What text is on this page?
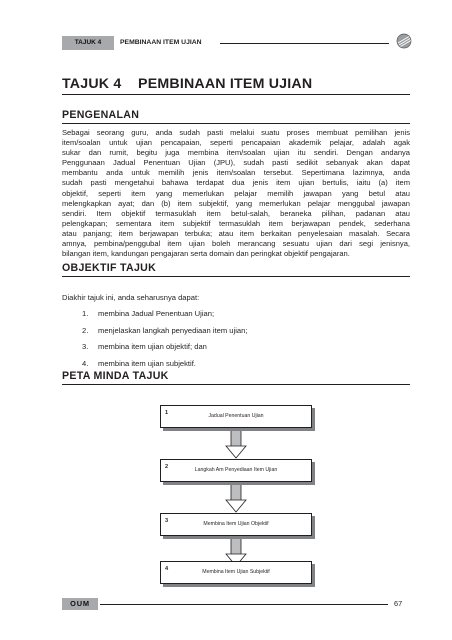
TAJUK 4	PEMBINAAN ITEM UJIAN
TAJUK 4    PEMBINAAN ITEM UJIAN
PENGENALAN
Sebagai seorang guru, anda sudah pasti melalui suatu proses membuat pemilihan jenis
item/soalan untuk ujian pencapaian, seperti pencapaian akademik pelajar, adalah agak
sukar dan rumit, begitu juga membina item/soalan ujian itu sendiri. Dengan andanya
Penggunaan Jadual Penentuan Ujian (JPU), sudah pasti sedikit sebanyak akan dapat
membantu anda untuk memilih jenis item/soalan tersebut. Sepertimana lazimnya, anda
sudah pasti mengetahui bahawa terdapat dua jenis item ujian bertulis, iaitu (a) item
objektif, seperti item yang memerlukan pelajar memilih jawapan yang betul atau
melengkapkan ayat; dan (b) item subjektif, yang memerlukan pelajar menggubal jawapan
sendiri. Item objektif termasuklah item betul-salah, beraneka pilihan, padanan atau
pelengkapan; sementara item subjektif termasuklah item berjawapan pendek, sederhana
atau panjang; item berjawapan terbuka; atau item berkaitan penyelesaian masalah. Secara
amnya, pembina/penggubal item ujian boleh merancang sesuatu ujian dari segi jenisnya,
bilangan item, kandungan pengajaran serta domain dan peringkat objektif pengajaran.
OBJEKTIF TAJUK

Diakhir tajuk ini, anda seharusnya dapat:

1. membina Jadual Penentuan Ujian;
2. menjelaskan langkah penyediaan item ujian;
3. membina item ujian objektif; dan
4. membina item ujian subjektif.
PETA MINDA TAJUK
1	Jadual Penentuan Ujian
2	Langkah Am Penyediaan Item Ujian
3	Membina Item Ujian Objektif
4	Membina Item Ujian Subjektif
OUM	67
